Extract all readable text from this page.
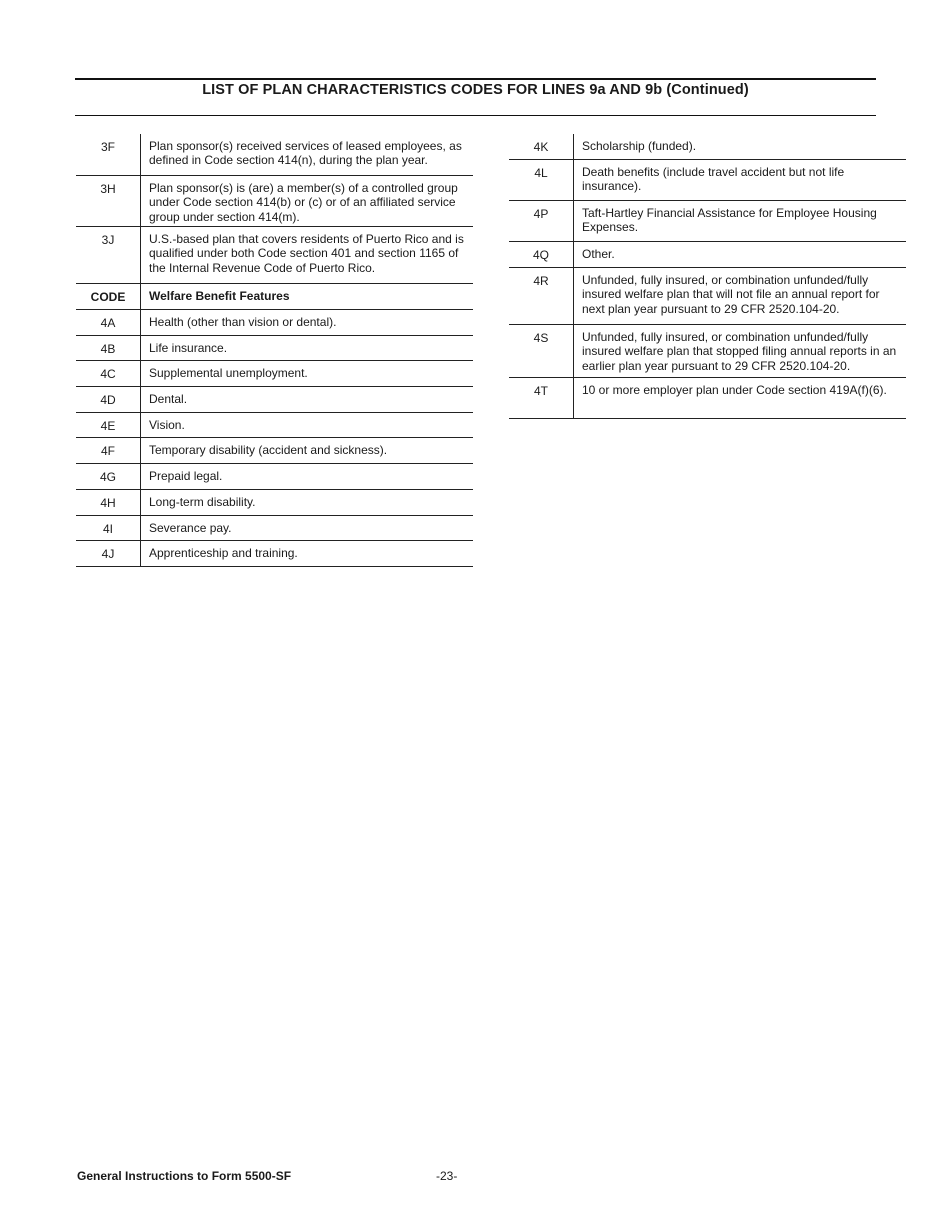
LIST OF PLAN CHARACTERISTICS CODES FOR LINES 9a AND 9b (Continued)
3F	Plan sponsor(s) received services of leased employees, as defined in Code section 414(n), during the plan year.
3H	Plan sponsor(s) is (are) a member(s) of a controlled group under Code section 414(b) or (c) or of an affiliated service group under section 414(m).
3J	U.S.-based plan that covers residents of Puerto Rico and is qualified under both Code section 401 and section 1165 of the Internal Revenue Code of Puerto Rico.
CODE	Welfare Benefit Features
4A	Health (other than vision or dental).
4B	Life insurance.
4C	Supplemental unemployment.
4D	Dental.
4E	Vision.
4F	Temporary disability (accident and sickness).
4G	Prepaid legal.
4H	Long-term disability.
4I	Severance pay.
4J	Apprenticeship and training.
4K	Scholarship (funded).
4L	Death benefits (include travel accident but not life insurance).
4P	Taft-Hartley Financial Assistance for Employee Housing Expenses.
4Q	Other.
4R	Unfunded, fully insured, or combination unfunded/fully insured welfare plan that will not file an annual report for next plan year pursuant to 29 CFR 2520.104-20.
4S	Unfunded, fully insured, or combination unfunded/fully insured welfare plan that stopped filing annual reports in an earlier plan year pursuant to 29 CFR 2520.104-20.
4T	10 or more employer plan under Code section 419A(f)(6).
General Instructions to Form 5500-SF	-23-
